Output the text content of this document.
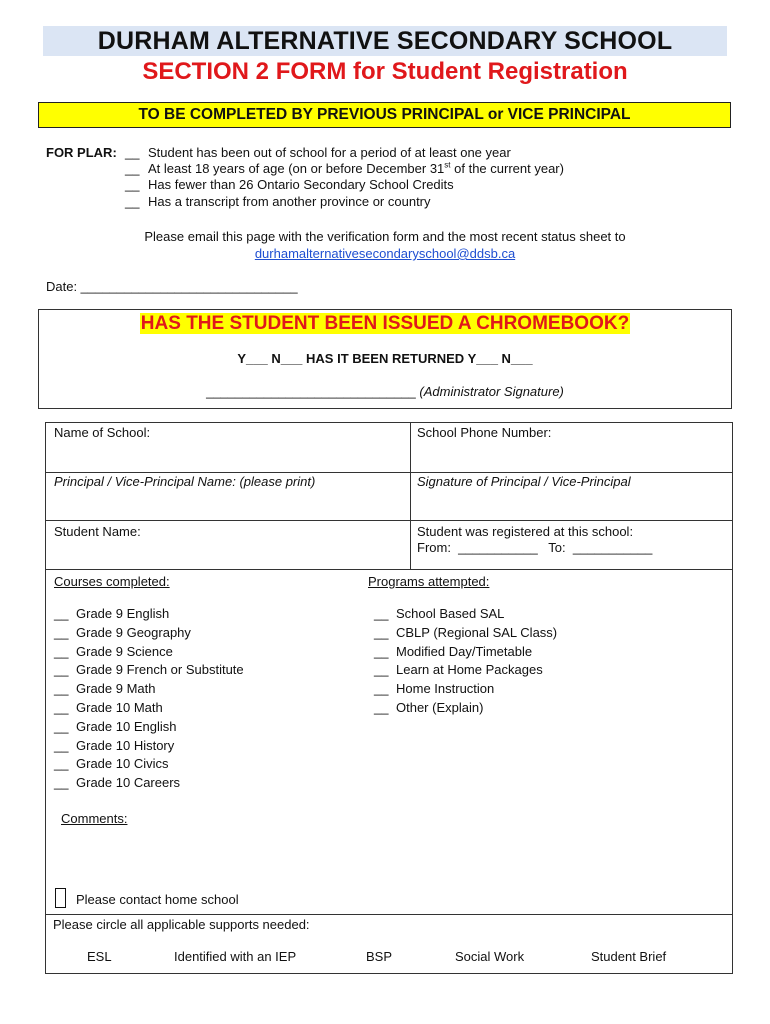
DURHAM ALTERNATIVE SECONDARY SCHOOL
SECTION 2 FORM for Student Registration
TO BE COMPLETED BY PREVIOUS PRINCIPAL or VICE PRINCIPAL
FOR PLAR: __ Student has been out of school for a period of at least one year
__ At least 18 years of age (on or before December 31st of the current year)
__ Has fewer than 26 Ontario Secondary School Credits
__ Has a transcript from another province or country
Please email this page with the verification form and the most recent status sheet to
durhamalternativesecondaryschool@ddsb.ca
Date: ______________________________
HAS THE STUDENT BEEN ISSUED A CHROMEBOOK?
Y___ N___ HAS IT BEEN RETURNED Y___ N___
_____________________________ (Administrator Signature)
Name of School:	School Phone Number:
Principal / Vice-Principal Name: (please print)	Signature of Principal / Vice-Principal
Student Name:	Student was registered at this school:
From:  ___________   To:  ___________
Courses completed:
__ Grade 9 English
__ Grade 9 Geography
__ Grade 9 Science
__ Grade 9 French or Substitute
__ Grade 9 Math
__ Grade 10 Math
__ Grade 10 English
__ Grade 10 History
__ Grade 10 Civics
__ Grade 10 Careers
Programs attempted:
__ School Based SAL
__ CBLP (Regional SAL Class)
__ Modified Day/Timetable
__ Learn at Home Packages
__ Home Instruction
__ Other (Explain)
Comments:
Please contact home school
Please circle all applicable supports needed:
ESL	Identified with an IEP	BSP	Social Work	Student Brief
